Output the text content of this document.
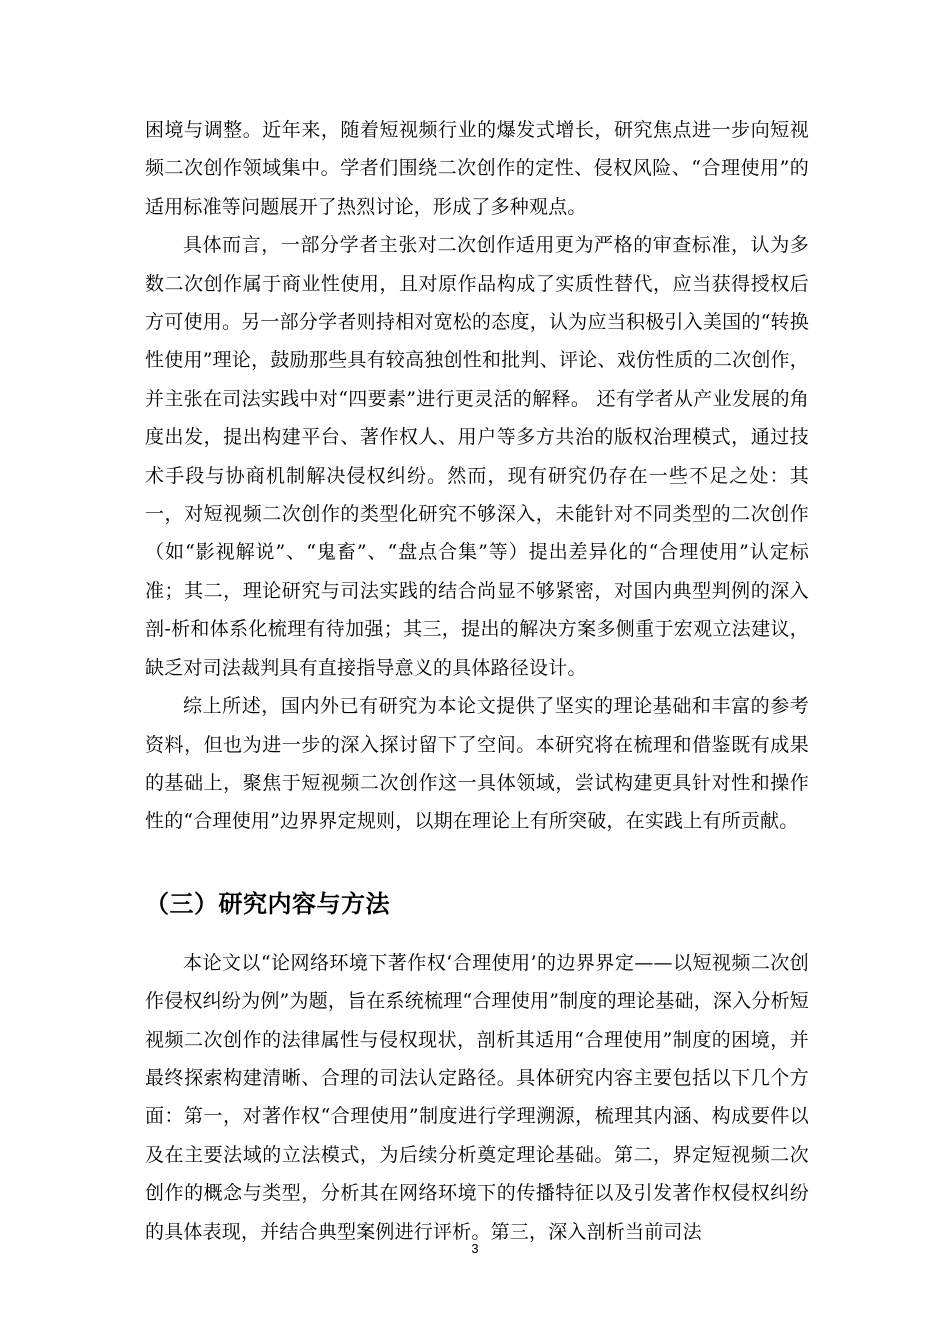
困境与调整。近年来，随着短视频行业的爆发式增长，研究焦点进一步向短视频二次创作领域集中。学者们围绕二次创作的定性、侵权风险、“合理使用”的适用标准等问题展开了热烈讨论，形成了多种观点。

具体而言，一部分学者主张对二次创作适用更为严格的审查标准，认为多数二次创作属于商业性使用，且对原作品构成了实质性替代，应当获得授权后方可使用。另一部分学者则持相对宽松的态度，认为应当积极引入美国的“转换性使用”理论，鼓励那些具有较高独创性和批判、评论、戏仿性质的二次创作，并主张在司法实践中对“四要素”进行更灵活的解释。 还有学者从产业发展的角度出发，提出构建平台、著作权人、用户等多方共治的版权治理模式，通过技术手段与协商机制解决侵权纠纷。然而，现有研究仍存在一些不足之处：其一，对短视频二次创作的类型化研究不够深入，未能针对不同类型的二次创作（如“影视解说”、“鬼畜”、“盘点合集”等）提出差异化的“合理使用”认定标准；其二，理论研究与司法实践的结合尚显不够紧密，对国内典型判例的深入剖-析和体系化梳理有待加强；其三，提出的解决方案多侧重于宏观立法建议，缺乏对司法裁判具有直接指导意义的具体路径设计。

综上所述，国内外已有研究为本论文提供了坚实的理论基础和丰富的参考资料，但也为进一步的深入探讨留下了空间。本研究将在梳理和借鉴既有成果的基础上，聚焦于短视频二次创作这一具体领域，尝试构建更具针对性和操作性的“合理使用”边界界定规则，以期在理论上有所突破，在实践上有所贡献。

（三）研究内容与方法

本论文以“论网络环境下著作权‘合理使用’的边界界定——以短视频二次创作侵权纠纷为例”为题，旨在系统梳理“合理使用”制度的理论基础，深入分析短视频二次创作的法律属性与侵权现状，剖析其适用“合理使用”制度的困境，并最终探索构建清晰、合理的司法认定路径。具体研究内容主要包括以下几个方面：第一，对著作权“合理使用”制度进行学理溯源，梳理其内涵、构成要件以及在主要法域的立法模式，为后续分析奠定理论基础。第二，界定短视频二次创作的概念与类型，分析其在网络环境下的传播特征以及引发著作权侵权纠纷的具体表现，并结合典型案例进行评析。第三，深入剖析当前司法

3
